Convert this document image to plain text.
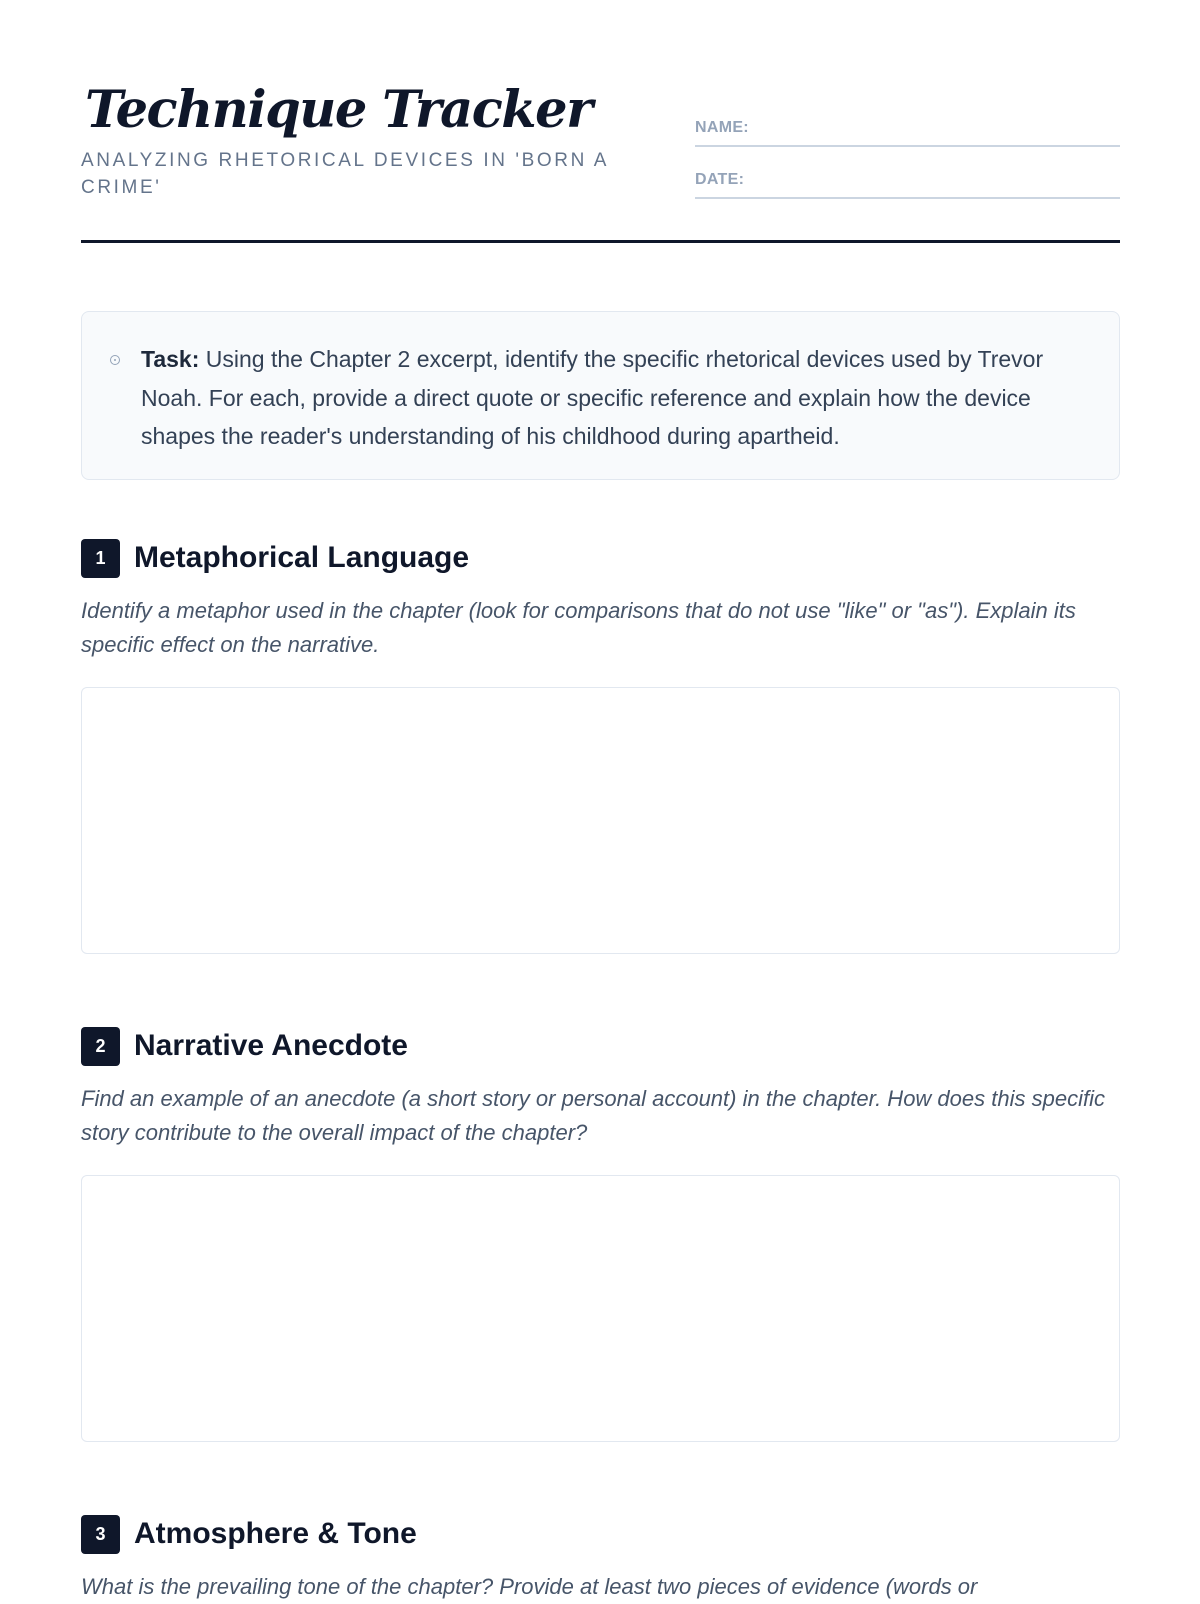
Technique Tracker

ANALYZING RHETORICAL DEVICES IN 'BORN A CRIME'

NAME:
DATE:

Task: Using the Chapter 2 excerpt, identify the specific rhetorical devices used by Trevor Noah. For each, provide a direct quote or specific reference and explain how the device shapes the reader's understanding of his childhood during apartheid.

1 Metaphorical Language

Identify a metaphor used in the chapter (look for comparisons that do not use "like" or "as"). Explain its specific effect on the narrative.

2 Narrative Anecdote

Find an example of an anecdote (a short story or personal account) in the chapter. How does this specific story contribute to the overall impact of the chapter?

3 Atmosphere & Tone

What is the prevailing tone of the chapter? Provide at least two pieces of evidence (words or
